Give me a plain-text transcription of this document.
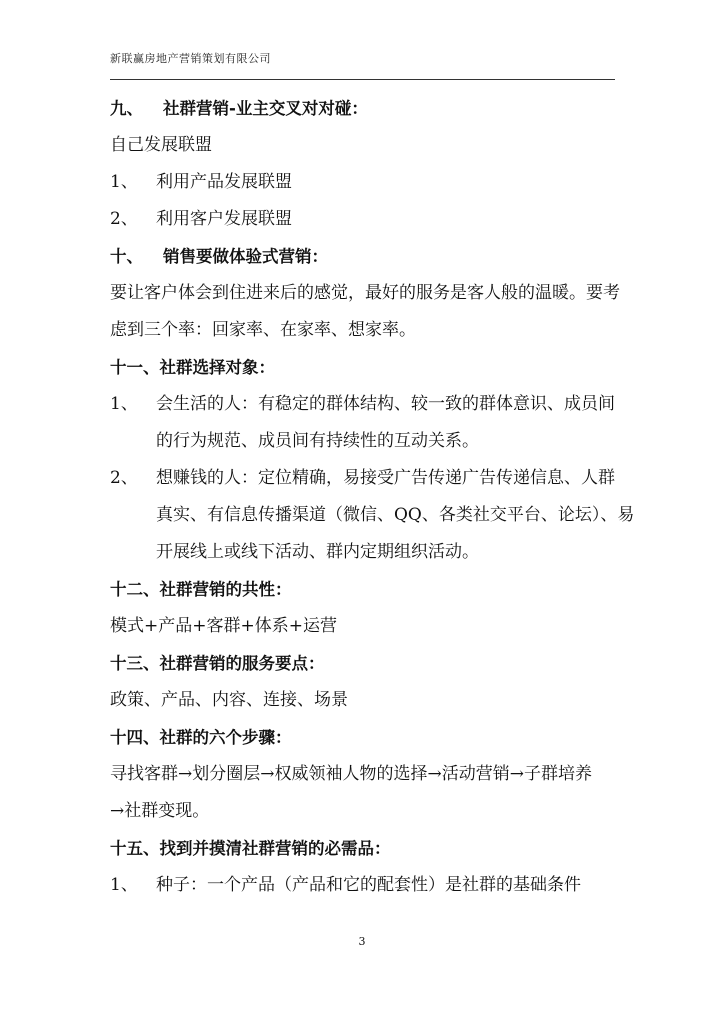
新联赢房地产营销策划有限公司
九、 社群营销-业主交叉对对碰：
自己发展联盟
1、 利用产品发展联盟
2、 利用客户发展联盟
十、 销售要做体验式营销：
要让客户体会到住进来后的感觉，最好的服务是客人般的温暖。要考
虑到三个率：回家率、在家率、想家率。
十一、社群选择对象：
1、 会生活的人：有稳定的群体结构、较一致的群体意识、成员间
的行为规范、成员间有持续性的互动关系。
2、 想赚钱的人：定位精确，易接受广告传递广告传递信息、人群
真实、有信息传播渠道（微信、QQ、各类社交平台、论坛）、易
开展线上或线下活动、群内定期组织活动。
十二、社群营销的共性：
模式+产品+客群+体系+运营
十三、社群营销的服务要点：
政策、产品、内容、连接、场景
十四、社群的六个步骤：
寻找客群→划分圈层→权威领袖人物的选择→活动营销→子群培养
→社群变现。
十五、找到并摸清社群营销的必需品：
1、 种子：一个产品（产品和它的配套性）是社群的基础条件
3
